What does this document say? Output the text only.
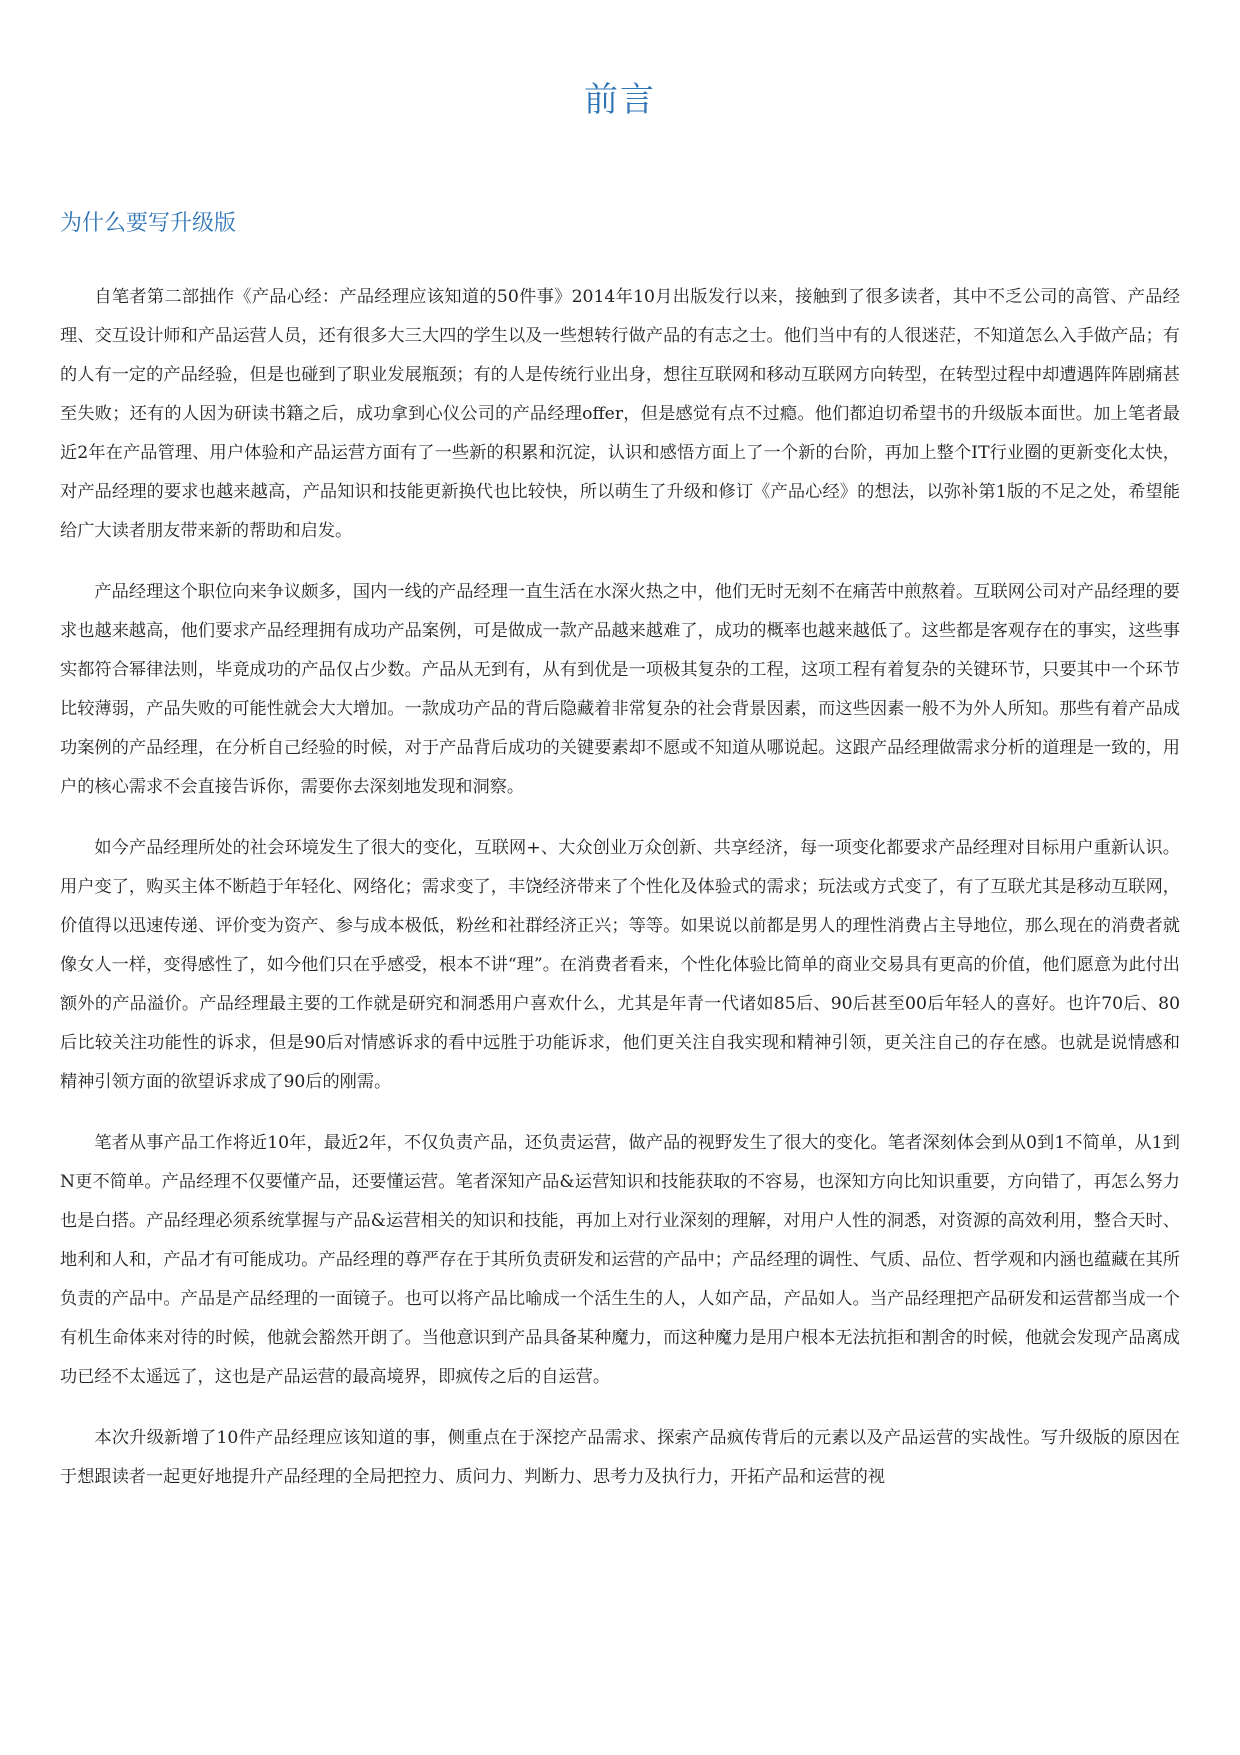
前言
为什么要写升级版

自笔者第二部拙作《产品心经：产品经理应该知道的50件事》2014年10月出版发行以来，接触到了很多读者，其中不乏公司的高管、产品经理、交互设计师和产品运营人员，还有很多大三大四的学生以及一些想转行做产品的有志之士。他们当中有的人很迷茫，不知道怎么入手做产品；有的人有一定的产品经验，但是也碰到了职业发展瓶颈；有的人是传统行业出身，想往互联网和移动互联网方向转型，在转型过程中却遭遇阵阵剧痛甚至失败；还有的人因为研读书籍之后，成功拿到心仪公司的产品经理offer，但是感觉有点不过瘾。他们都迫切希望书的升级版本面世。加上笔者最近2年在产品管理、用户体验和产品运营方面有了一些新的积累和沉淀，认识和感悟方面上了一个新的台阶，再加上整个IT行业圈的更新变化太快，对产品经理的要求也越来越高，产品知识和技能更新换代也比较快，所以萌生了升级和修订《产品心经》的想法，以弥补第1版的不足之处，希望能给广大读者朋友带来新的帮助和启发。

产品经理这个职位向来争议颇多，国内一线的产品经理一直生活在水深火热之中，他们无时无刻不在痛苦中煎熬着。互联网公司对产品经理的要求也越来越高，他们要求产品经理拥有成功产品案例，可是做成一款产品越来越难了，成功的概率也越来越低了。这些都是客观存在的事实，这些事实都符合幂律法则，毕竟成功的产品仅占少数。产品从无到有，从有到优是一项极其复杂的工程，这项工程有着复杂的关键环节，只要其中一个环节比较薄弱，产品失败的可能性就会大大增加。一款成功产品的背后隐藏着非常复杂的社会背景因素，而这些因素一般不为外人所知。那些有着产品成功案例的产品经理，在分析自己经验的时候，对于产品背后成功的关键要素却不愿或不知道从哪说起。这跟产品经理做需求分析的道理是一致的，用户的核心需求不会直接告诉你，需要你去深刻地发现和洞察。

如今产品经理所处的社会环境发生了很大的变化，互联网+、大众创业万众创新、共享经济，每一项变化都要求产品经理对目标用户重新认识。用户变了，购买主体不断趋于年轻化、网络化；需求变了，丰饶经济带来了个性化及体验式的需求；玩法或方式变了，有了互联尤其是移动互联网，价值得以迅速传递、评价变为资产、参与成本极低，粉丝和社群经济正兴；等等。如果说以前都是男人的理性消费占主导地位，那么现在的消费者就像女人一样，变得感性了，如今他们只在乎感受，根本不讲“理”。在消费者看来，个性化体验比简单的商业交易具有更高的价值，他们愿意为此付出额外的产品溢价。产品经理最主要的工作就是研究和洞悉用户喜欢什么，尤其是年青一代诸如85后、90后甚至00后年轻人的喜好。也许70后、80后比较关注功能性的诉求，但是90后对情感诉求的看中远胜于功能诉求，他们更关注自我实现和精神引领，更关注自己的存在感。也就是说情感和精神引领方面的欲望诉求成了90后的刚需。

笔者从事产品工作将近10年，最近2年，不仅负责产品，还负责运营，做产品的视野发生了很大的变化。笔者深刻体会到从0到1不简单，从1到N更不简单。产品经理不仅要懂产品，还要懂运营。笔者深知产品&运营知识和技能获取的不容易，也深知方向比知识重要，方向错了，再怎么努力也是白搭。产品经理必须系统掌握与产品&运营相关的知识和技能，再加上对行业深刻的理解，对用户人性的洞悉，对资源的高效利用，整合天时、地利和人和，产品才有可能成功。产品经理的尊严存在于其所负责研发和运营的产品中；产品经理的调性、气质、品位、哲学观和内涵也蕴藏在其所负责的产品中。产品是产品经理的一面镜子。也可以将产品比喻成一个活生生的人，人如产品，产品如人。当产品经理把产品研发和运营都当成一个有机生命体来对待的时候，他就会豁然开朗了。当他意识到产品具备某种魔力，而这种魔力是用户根本无法抗拒和割舍的时候，他就会发现产品离成功已经不太遥远了，这也是产品运营的最高境界，即疯传之后的自运营。

本次升级新增了10件产品经理应该知道的事，侧重点在于深挖产品需求、探索产品疯传背后的元素以及产品运营的实战性。写升级版的原因在于想跟读者一起更好地提升产品经理的全局把控力、质问力、判断力、思考力及执行力，开拓产品和运营的视
